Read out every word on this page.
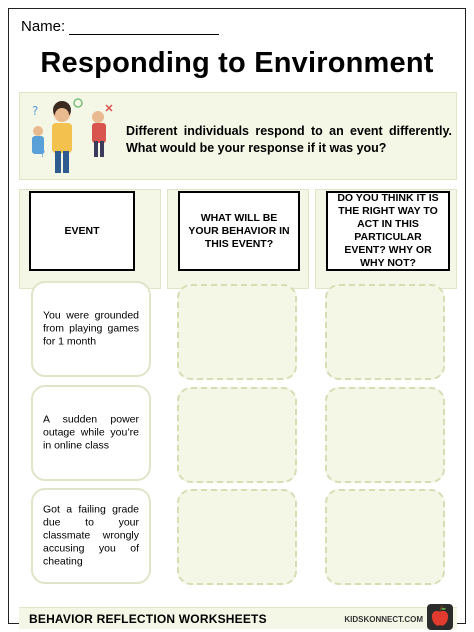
Name:
Responding to Environment
?
?
Different individuals respond to an event differently. What would be your response if it was you?
EVENT
WHAT WILL BE YOUR BEHAVIOR IN THIS EVENT?
DO YOU THINK IT IS THE RIGHT WAY TO ACT IN THIS PARTICULAR EVENT? WHY OR WHY NOT?
You were grounded from playing games for 1 month
A sudden power outage while you’re in online class
Got a failing grade due to your classmate wrongly accusing you of cheating
BEHAVIOR REFLECTION WORKSHEETS	KIDSKONNECT.COM
